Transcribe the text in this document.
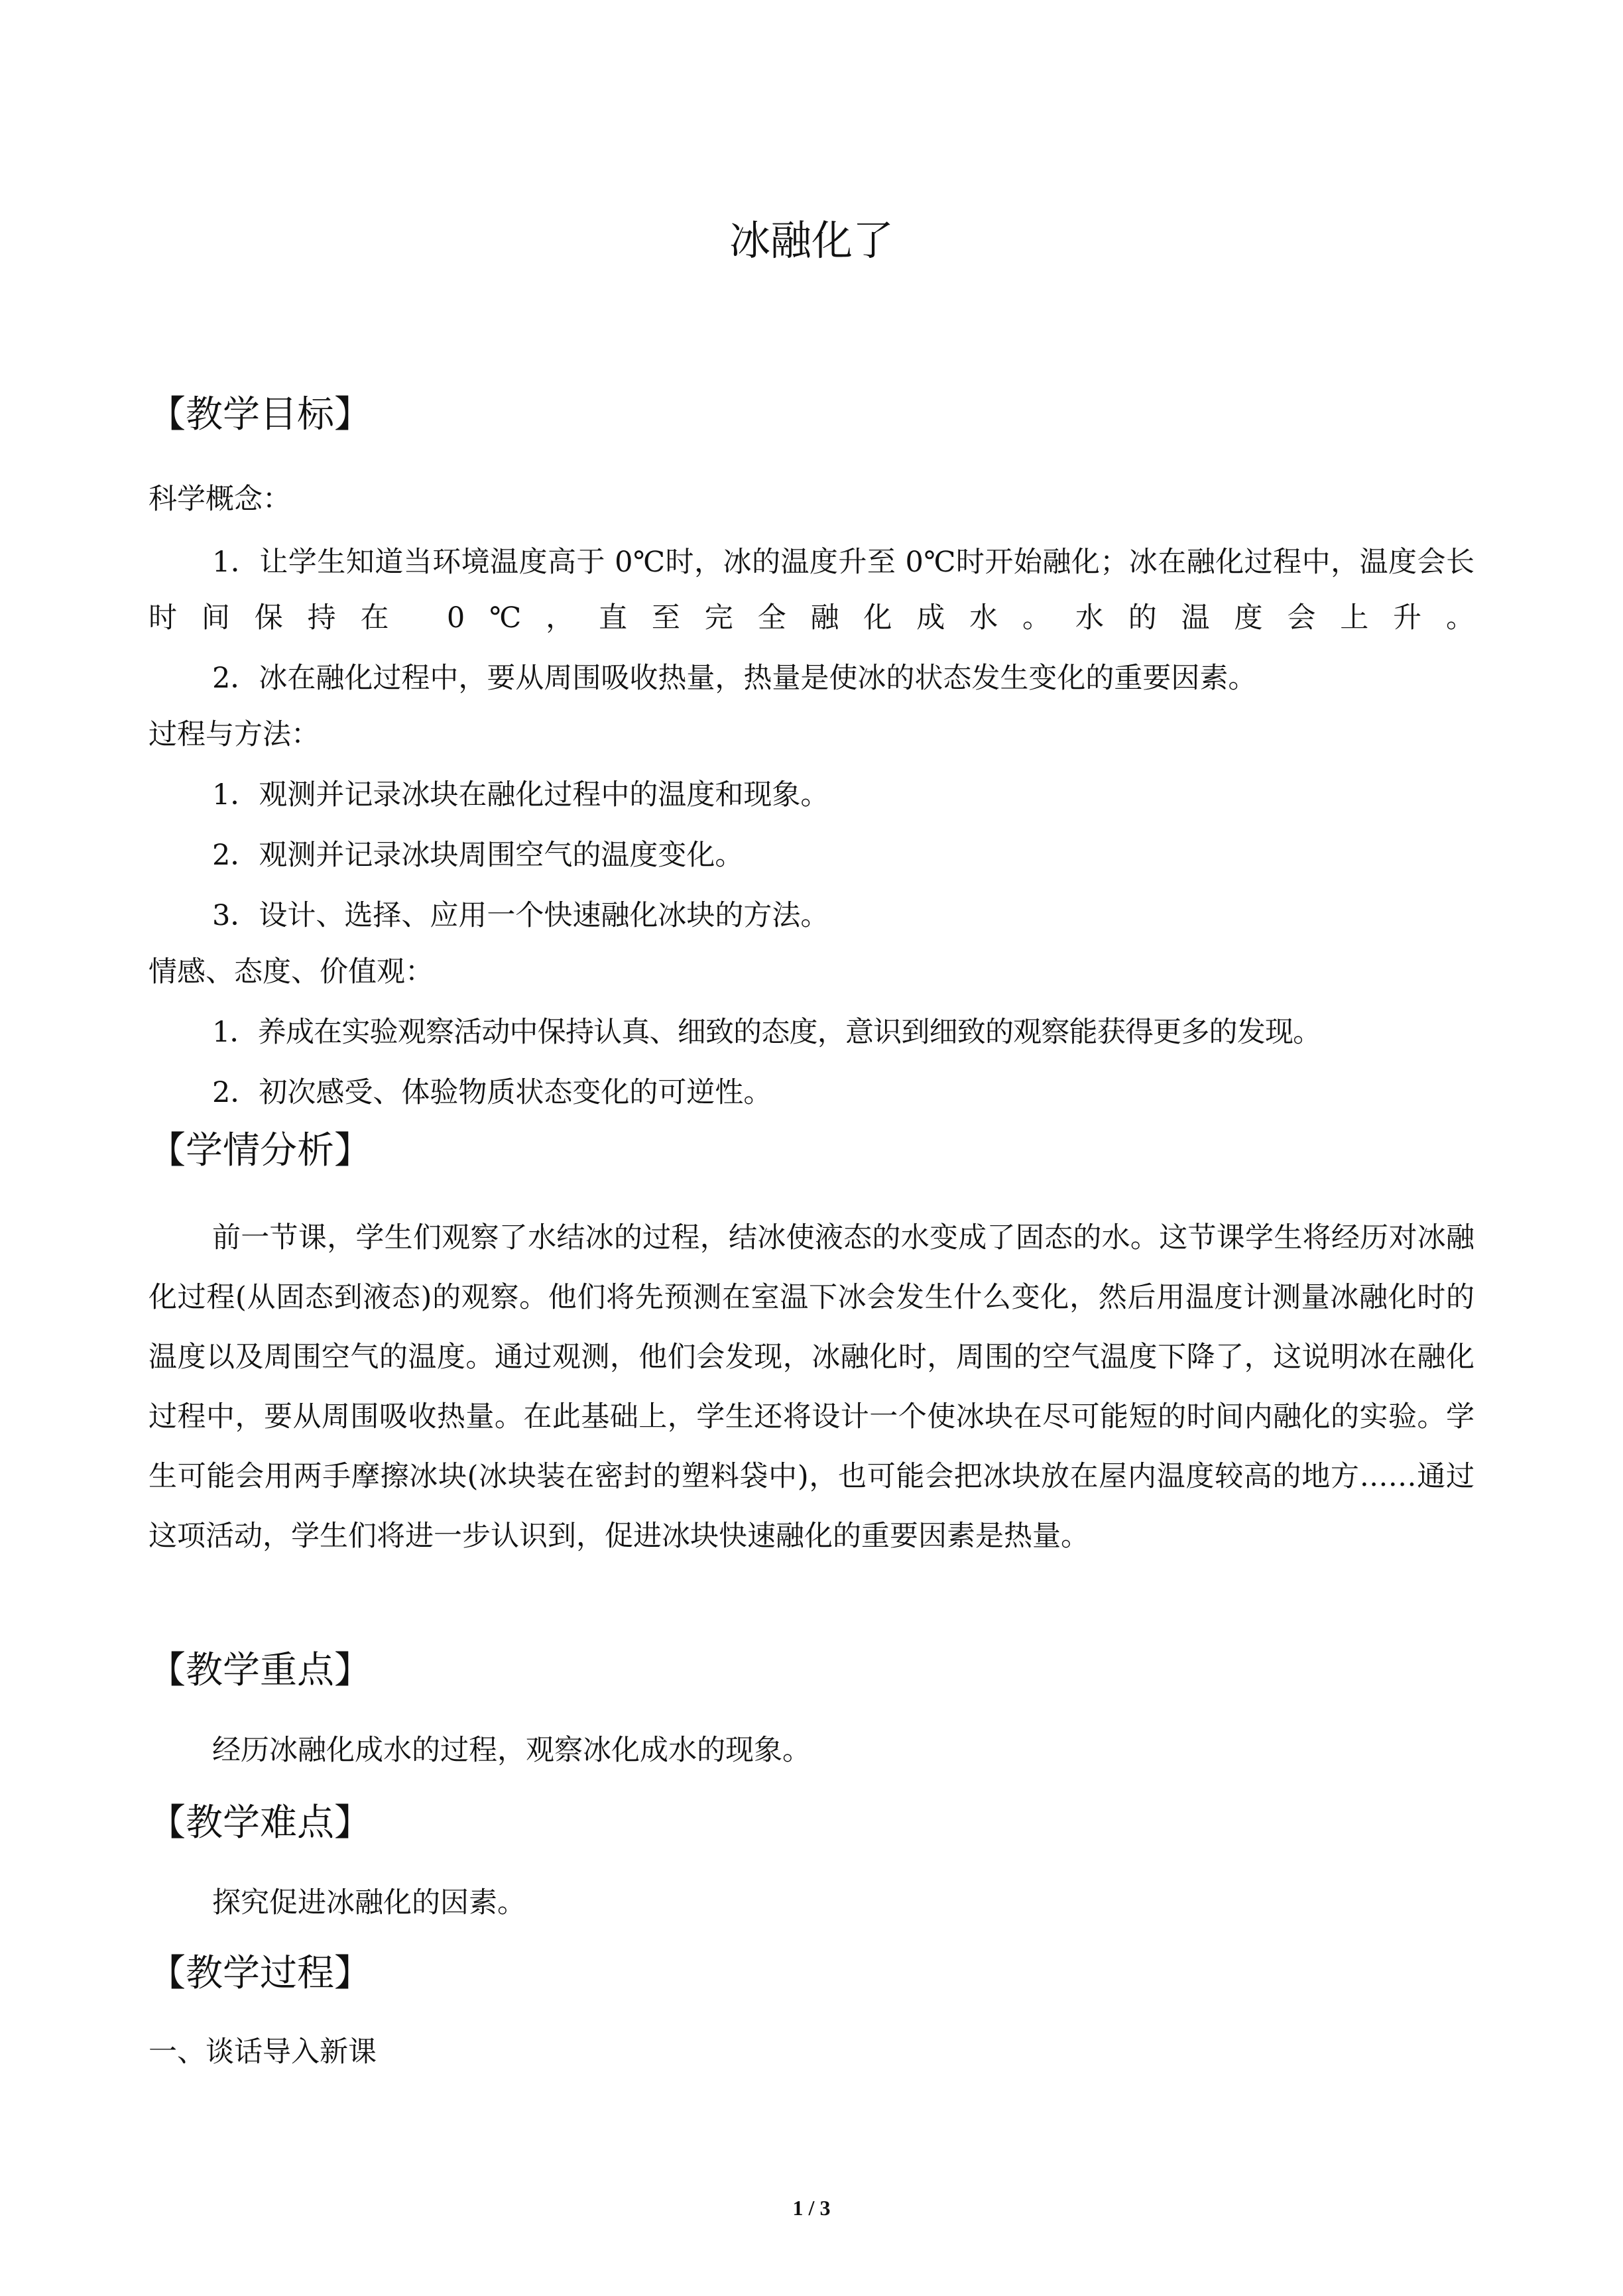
冰融化了
【教学目标】
科学概念：
1．让学生知道当环境温度高于 0℃时，冰的温度升至 0℃时开始融化；冰在融化过程中，温度会长时间保持在 0℃，直至完全融化成水。水的温度会上升。
2．冰在融化过程中，要从周围吸收热量，热量是使冰的状态发生变化的重要因素。
过程与方法：
1．观测并记录冰块在融化过程中的温度和现象。
2．观测并记录冰块周围空气的温度变化。
3．设计、选择、应用一个快速融化冰块的方法。
情感、态度、价值观：
1．养成在实验观察活动中保持认真、细致的态度，意识到细致的观察能获得更多的发现。
2．初次感受、体验物质状态变化的可逆性。
【学情分析】
前一节课，学生们观察了水结冰的过程，结冰使液态的水变成了固态的水。这节课学生将经历对冰融化过程(从固态到液态)的观察。他们将先预测在室温下冰会发生什么变化，然后用温度计测量冰融化时的温度以及周围空气的温度。通过观测，他们会发现，冰融化时，周围的空气温度下降了，这说明冰在融化过程中，要从周围吸收热量。在此基础上，学生还将设计一个使冰块在尽可能短的时间内融化的实验。学生可能会用两手摩擦冰块(冰块装在密封的塑料袋中)，也可能会把冰块放在屋内温度较高的地方……通过这项活动，学生们将进一步认识到，促进冰块快速融化的重要因素是热量。
【教学重点】
经历冰融化成水的过程，观察冰化成水的现象。
【教学难点】
探究促进冰融化的因素。
【教学过程】
一、谈话导入新课
1 / 3
